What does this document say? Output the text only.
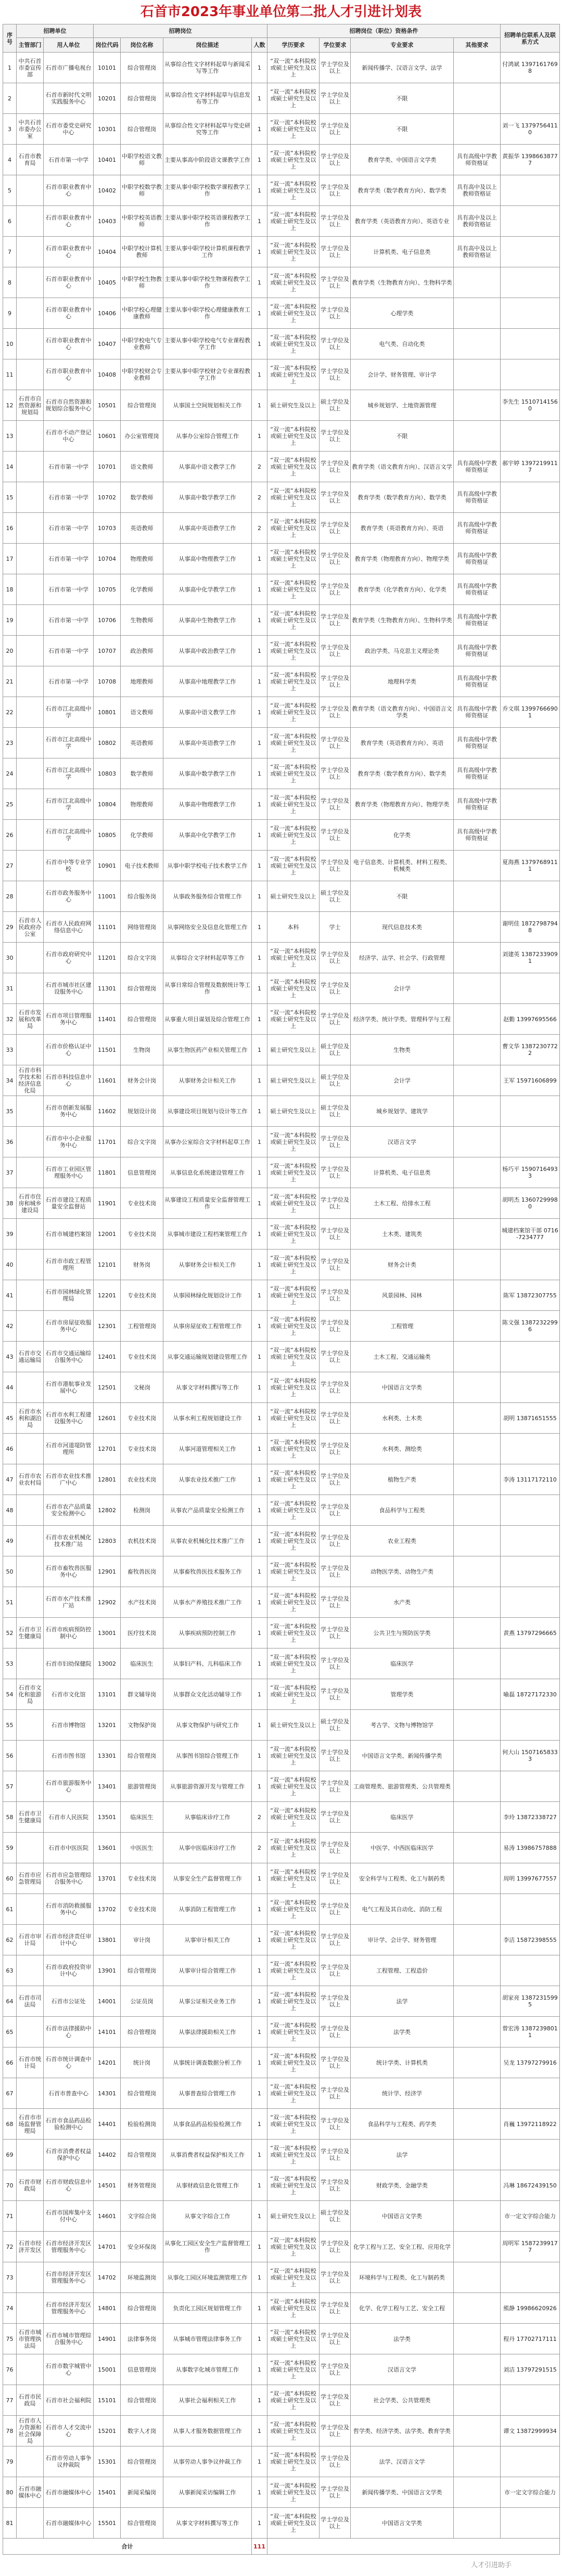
石首市2023年事业单位第二批人才引进计划表
序号	招聘单位		招聘岗位				招聘岗位（职位）资格条件				招聘单位联系人及联系方式
	主管部门	用人单位	岗位代码	岗位名称	岗位描述	人数	学历要求	学位要求	专业要求	其他要求	
1	中共石首市委宣传部	石首市广播电视台	10101	综合管理岗	从事综合性文字材料起草与新闻采写等工作	1	“双一流”本科院校或硕士研究生及以上	学士学位及以上	新闻传播学、汉语言文学、法学		付鸿斌 13971617698
2		石首市新时代文明实践服务中心	10201	综合管理岗	从事综合性文字材料起草与信息发布等工作	1	“双一流”本科院校或硕士研究生及以上	学士学位及以上	不限		
3	中共石首市委办公室	石首市委党史研究中心	10301	综合管理岗	从事综合性文字材料起草与党史研究等工作	1	“双一流”本科院校或硕士研究生及以上	学士学位及以上	不限		刘一飞 13797564110
4	石首市教育局	石首市第一中学	10401	中职学校语文教师	主要从事高中阶段语文课教学工作	1	“双一流”本科院校或硕士研究生及以上	学士学位及以上	教育学类、中国语言文学类	具有高级中学教师资格证	黄振华 13986638777
5		石首市职业教育中心	10402	中职学校数学教师	主要从事中职学校数学课程教学工作	1	“双一流”本科院校或硕士研究生及以上	学士学位及以上	教育学类（数学教育方向）、数学类	具有高中及以上教师资格证	
6		石首市职业教育中心	10403	中职学校英语教师	主要从事中职学校英语课程教学工作	1	“双一流”本科院校或硕士研究生及以上	学士学位及以上	教育学类（英语教育方向）、英语专业	具有高中及以上教师资格证	
7		石首市职业教育中心	10404	中职学校计算机教师	主要从事中职学校计算机课程教学工作	1	“双一流”本科院校或硕士研究生及以上	学士学位及以上	计算机类、电子信息类	具有高中及以上教师资格证	
8		石首市职业教育中心	10405	中职学校生物教师	主要从事中职学校生物课程教学工作	1	“双一流”本科院校或硕士研究生及以上	学士学位及以上	教育学类（生物教育方向）、生物科学类		
9		石首市职业教育中心	10406	中职学校心理健康教师	主要从事中职学校心理健康教育工作	1	“双一流”本科院校或硕士研究生及以上	学士学位及以上	心理学类		
10		石首市职业教育中心	10407	中职学校电气专业教师	主要从事中职学校电气专业课程教学工作	1	“双一流”本科院校或硕士研究生及以上	学士学位及以上	电气类、自动化类		
11		石首市职业教育中心	10408	中职学校财会专业教师	主要从事中职学校财会专业课程教学工作	1	“双一流”本科院校或硕士研究生及以上	学士学位及以上	会计学、财务管理、审计学		
12	石首市自然资源和规划局	石首市自然资源和规划综合服务中心	10501	综合管理岗	从事国土空间规划相关工作	1	硕士研究生及以上	硕士学位及以上	城乡规划学、土地资源管理		李先生 15107141560
13		石首市不动产登记中心	10601	办公室管理岗	从事办公室综合管理工作	1	“双一流”本科院校或硕士研究生及以上	学士学位及以上	不限		
14		石首市第一中学	10701	语文教师	从事高中语文教学工作	2	“双一流”本科院校或硕士研究生及以上	学士学位及以上	教育学类（语文教育方向）、汉语言文学	具有高级中学教师资格证	郝宇婷 13972199117
15		石首市第一中学	10702	数学教师	从事高中数学教学工作	2	“双一流”本科院校或硕士研究生及以上	学士学位及以上	教育学类（数学教育方向）、数学类	具有高级中学教师资格证	
16		石首市第一中学	10703	英语教师	从事高中英语教学工作	2	“双一流”本科院校或硕士研究生及以上	学士学位及以上	教育学类（英语教育方向）、英语	具有高级中学教师资格证	
17		石首市第一中学	10704	物理教师	从事高中物理教学工作	1	“双一流”本科院校或硕士研究生及以上	学士学位及以上	教育学类（物理教育方向）、物理学类	具有高级中学教师资格证	
18		石首市第一中学	10705	化学教师	从事高中化学教学工作	1	“双一流”本科院校或硕士研究生及以上	学士学位及以上	教育学类（化学教育方向）、化学类	具有高级中学教师资格证	
19		石首市第一中学	10706	生物教师	从事高中生物教学工作	1	“双一流”本科院校或硕士研究生及以上	学士学位及以上	教育学类（生物教育方向）、生物科学类	具有高级中学教师资格证	
20		石首市第一中学	10707	政治教师	从事高中政治教学工作	1	“双一流”本科院校或硕士研究生及以上	学士学位及以上	政治学类、马克思主义理论类	具有高级中学教师资格证	
21		石首市第一中学	10708	地理教师	从事高中地理教学工作	1	“双一流”本科院校或硕士研究生及以上	学士学位及以上	地理科学类	具有高级中学教师资格证	
22		石首市江北高级中学	10801	语文教师	从事高中语文教学工作	1	“双一流”本科院校或硕士研究生及以上	学士学位及以上	教育学类（语文教育方向）、中国语言文学类	具有高级中学教师资格证	乔文琪 13997666901
23		石首市江北高级中学	10802	英语教师	从事高中英语教学工作	1	“双一流”本科院校或硕士研究生及以上	学士学位及以上	教育学类（英语教育方向）、英语	具有高级中学教师资格证	
24		石首市江北高级中学	10803	数学教师	从事高中数学教学工作	1	“双一流”本科院校或硕士研究生及以上	学士学位及以上	教育学类（数学教育方向）、数学类	具有高级中学教师资格证	
25		石首市江北高级中学	10804	物理教师	从事高中物理教学工作	1	“双一流”本科院校或硕士研究生及以上	学士学位及以上	教育学类（物理教育方向）、物理学类	具有高级中学教师资格证	
26		石首市江北高级中学	10805	化学教师	从事高中化学教学工作	1	“双一流”本科院校或硕士研究生及以上	学士学位及以上	化学类	具有高级中学教师资格证	
27		石首市中等专业学校	10901	电子技术教师	从事中职学校电子技术教学工作	1	“双一流”本科院校或硕士研究生及以上	学士学位及以上	电子信息类、计算机类、材料工程类、机械类		夏海燕 13797689111
28		石首市政务服务中心	11001	综合服务岗	从事政务服务综合管理工作	1	硕士研究生及以上	硕士学位及以上	不限		
29	石首市人民政府办公室	石首市人民政府网络信息中心	11101	网络管理岗	从事网络安全及信息化管理工作	1	本科	学士	现代信息技术类		谢明佳 18727987948
30		石首市政府研究中心	11201	综合文字岗	从事综合文字材料起草等工作	1	“双一流”本科院校或硕士研究生及以上	学士学位及以上	经济学、法学、社会学、行政管理		刘建英 13872339091
31		石首市城市社区建设服务中心	11301	综合管理岗	从事日常综合管理及数据统计等工作	1	“双一流”本科院校或硕士研究生及以上	学士学位及以上	会计学		
32	石首市发展和改革局	石首市项目管理服务中心	11401	综合管理岗	从事重大项目谋划及综合管理工作	1	“双一流”本科院校或硕士研究生及以上	学士学位及以上	经济学类、统计学类、管理科学与工程		赵勤 13997695566
33		石首市价格认证中心	11501	生物岗	从事生物医药产业相关管理工作	1	硕士研究生及以上	硕士学位及以上	生物类		曹文华 13872307722
34	石首市科学技术和经济信息化局	石首市科技信息中心	11601	财务会计岗	从事财务会计相关工作	1	硕士研究生及以上	硕士学位及以上	会计学		王军 15971606899
35		石首市创新发展服务中心	11602	规划设计岗	从事建设项目规划与设计等工作	1	硕士研究生及以上	硕士学位及以上	城乡规划学、建筑学		
36		石首市中小企业服务中心	11701	综合文字岗	从事办公室综合文字材料起草工作	1	“双一流”本科院校或硕士研究生及以上	学士学位及以上	汉语言文学		
37		石首市工业园区管理服务中心	11801	信息管理岗	从事信息化系统建设管理工作	1	“双一流”本科院校或硕士研究生及以上	学士学位及以上	计算机类、电子信息类		杨巧平 15907164933
38	石首市住房和城乡建设局	石首市建设工程质量安全监督站	11901	专业技术岗	从事建设工程质量安全监督管理工作	1	“双一流”本科院校或硕士研究生及以上	学士学位及以上	土木工程、给排水工程		胡明杰 13607299980
39		石首市城建档案馆	12001	专业技术岗	从事城市建设工程档案管理工作	1	“双一流”本科院校或硕士研究生及以上	学士学位及以上	土木类、建筑类		城建档案馆干部 0716-7234777
40		石首市市政工程管理所	12101	财务岗	从事财务会计相关工作	1	“双一流”本科院校或硕士研究生及以上	学士学位及以上	财务会计类		
41		石首市园林绿化管理局	12201	专业技术岗	从事园林绿化规划设计工作	1	“双一流”本科院校或硕士研究生及以上	学士学位及以上	风景园林、园林		陈军 13872307755
42		石首市房屋征收服务中心	12301	工程管理岗	从事房屋征收工程管理工作	1	“双一流”本科院校或硕士研究生及以上	学士学位及以上	工程管理		陈文强 13872322996
43	石首市交通运输局	石首市交通运输综合服务中心	12401	专业技术岗	从事交通运输规划建设管理工作	1	“双一流”本科院校或硕士研究生及以上	学士学位及以上	土木工程、交通运输类		
44		石首市港航事业发展中心	12501	文秘岗	从事文字材料撰写等工作	1	“双一流”本科院校或硕士研究生及以上	学士学位及以上	中国语言文学类		
45	石首市水利和湖泊局	石首市水利工程建设服务中心	12601	专业技术岗	从事水利工程规划建设工作	1	“双一流”本科院校或硕士研究生及以上	学士学位及以上	水利类、土木类		胡明 13871651555
46		石首市河道堤防管理所	12701	专业技术岗	从事河道管理相关工作	1	“双一流”本科院校或硕士研究生及以上	学士学位及以上	水利类、测绘类		
47	石首市农业农村局	石首市农业技术推广中心	12801	农业技术岗	从事农业技术推广工作	1	“双一流”本科院校或硕士研究生及以上	学士学位及以上	植物生产类		李涛 13117172110
48		石首市农产品质量安全检测中心	12802	检测岗	从事农产品质量安全检测工作	1	“双一流”本科院校或硕士研究生及以上	学士学位及以上	食品科学与工程类		
49		石首市农业机械化技术推广站	12803	农机技术岗	从事农业机械化技术推广工作	1	“双一流”本科院校或硕士研究生及以上	学士学位及以上	农业工程类		
50		石首市畜牧兽医服务中心	12901	畜牧兽医岗	从事畜牧兽医技术服务工作	1	“双一流”本科院校或硕士研究生及以上	学士学位及以上	动物医学类、动物生产类		
51		石首市水产技术推广站	12902	水产技术岗	从事水产养殖技术推广工作	1	“双一流”本科院校或硕士研究生及以上	学士学位及以上	水产类		
52	石首市卫生健康局	石首市疾病预防控制中心	13001	医疗技术岗	从事疾病预防控制工作	1	“双一流”本科院校或硕士研究生及以上	学士学位及以上	公共卫生与预防医学类		黄燕 13797296665
53		石首市妇幼保健院	13002	临床医生	从事妇产科、儿科临床工作	1	“双一流”本科院校或硕士研究生及以上	学士学位及以上	临床医学		
54	石首市文化和旅游局	石首市文化馆	13101	群文辅导岗	从事群众文化活动辅导工作	1	“双一流”本科院校或硕士研究生及以上	学士学位及以上	管理学类		喻磊 18727172330
55		石首市博物馆	13201	文物保护岗	从事文物保护与研究工作	1	硕士研究生及以上	硕士学位及以上	考古学、文物与博物馆学		
56		石首市图书馆	13301	综合管理岗	从事图书馆综合管理工作	1	“双一流”本科院校或硕士研究生及以上	学士学位及以上	中国语言文学类、新闻传播学类		何大山 15071658333
57		石首市旅游服务中心	13401	旅游管理岗	从事旅游资源开发与管理工作	1	“双一流”本科院校或硕士研究生及以上	学士学位及以上	工商管理类、旅游管理类、公共管理类		
58	石首市卫生健康局	石首市人民医院	13501	临床医生	从事临床诊疗工作	2	“双一流”本科院校或硕士研究生及以上	学士学位及以上	临床医学		李玲 13872338727
59		石首市中医医院	13601	中医医生	从事中医临床诊疗工作	2	“双一流”本科院校或硕士研究生及以上	学士学位及以上	中医学、中西医临床医学		易涛 13986757888
60	石首市应急管理局	石首市应急管理综合服务中心	13701	专业技术岗	从事安全生产监督管理工作	1	“双一流”本科院校或硕士研究生及以上	学士学位及以上	安全科学与工程类、化工与制药类		周明 13997677557
61		石首市消防救援服务中心	13702	专业技术岗	从事消防工程管理工作	1	“双一流”本科院校或硕士研究生及以上	学士学位及以上	电气工程及其自动化、消防工程		
62	石首市审计局	石首市经济责任审计中心	13801	审计岗	从事审计相关工作	1	“双一流”本科院校或硕士研究生及以上	学士学位及以上	审计学、会计学、财务管理		李洁 15872398555
63		石首市政府投资审计中心	13901	综合管理岗	从事审计综合管理工作	1	“双一流”本科院校或硕士研究生及以上	学士学位及以上	工程管理、工程造价		
64	石首市司法局	石首市公证处	14001	公证员岗	从事公证相关业务工作	1	“双一流”本科院校或硕士研究生及以上	学士学位及以上	法学		胡家亮 13872315995
65		石首市法律援助中心	14101	综合管理岗	从事法律援助相关工作	1	“双一流”本科院校或硕士研究生及以上	学士学位及以上	法学类		曾宏涛 13872398011
66	石首市统计局	石首市统计调查中心	14201	统计岗	从事统计调查数据分析工作	1	“双一流”本科院校或硕士研究生及以上	学士学位及以上	统计学类、计算机类		吴龙 13797279916
67		石首市普查中心	14301	综合管理岗	从事普查综合管理工作	1	“双一流”本科院校或硕士研究生及以上	学士学位及以上	统计学、经济学		
68	石首市市场监督管理局	石首市食品药品检验检测中心	14401	检验检测岗	从事食品药品检验检测工作	1	“双一流”本科院校或硕士研究生及以上	学士学位及以上	食品科学与工程类、药学类		肖巍 13972118922
69		石首市消费者权益保护中心	14402	综合管理岗	从事消费者权益保护相关工作	1	“双一流”本科院校或硕士研究生及以上	学士学位及以上	法学		
70	石首市财政局	石首市财政信息中心	14501	财务管理岗	从事财政信息化管理工作	1	“双一流”本科院校或硕士研究生及以上	学士学位及以上	财政学类、金融学类		冯琳 18672439150
71		石首市国库集中支付中心	14601	文字综合岗	从事文字综合工作	1	硕士研究生及以上	硕士学位及以上	中国语言文学类		市一定文字综合能力
72	石首市经济开发区	石首市经济开发区管理服务中心	14701	安全环保岗	从事化工园区安全生产监督管理工作	1	“双一流”本科院校或硕士研究生及以上	学士学位及以上	化学工程与工艺、安全工程、应用化学		周明军 15872399177
73		石首市经济开发区管理服务中心	14702	环境监测岗	从事化工园区环境监测管理工作	1	“双一流”本科院校或硕士研究生及以上	学士学位及以上	环境科学与工程类、化工与制药类		
74		石首市经济开发区管理服务中心	14801	综合管理岗	负责化工园区规划管理工作	1	“双一流”本科院校或硕士研究生及以上	学士学位及以上	化学、化学工程与工艺、安全工程		熊静 19986620926
75	石首市城市管理执法局	石首市城市管理综合服务中心	14901	法律事务岗	从事城市管理法律事务工作	1	“双一流”本科院校或硕士研究生及以上	学士学位及以上	法学类		程丹 17702717111
76		石首市数字城管中心	15001	信息管理岗	从事数字化城市管理工作	1	“双一流”本科院校或硕士研究生及以上	学士学位及以上	汉语言文学		刘洁 13797291515
77	石首市民政局	石首市社会福利院	15101	综合管理岗	从事社会福利相关工作	1	“双一流”本科院校或硕士研究生及以上	学士学位及以上	社会学类、公共管理类		
78	石首市人力资源和社会保障局	石首市人才交流中心	15201	数字人才岗	从事人才服务数据管理工作	1	“双一流”本科院校或硕士研究生及以上	学士学位及以上	哲学类、经济学类、法学类、教育学类		谭文 13872999934
79		石首市劳动人事争议仲裁院	15301	综合管理岗	从事劳动人事争议仲裁工作	1	“双一流”本科院校或硕士研究生及以上	学士学位及以上	法学、汉语言文学		
80	石首市融媒体中心	石首市融媒体中心	15401	新闻采编岗	从事新闻采访编辑工作	1	“双一流”本科院校或硕士研究生及以上	学士学位及以上	新闻传播学类、中国语言文学类		市一定文字综合能力
81		石首市融媒体中心	15501	综合管理岗	从事文字材料撰写等工作	1	“双一流”本科院校或硕士研究生及以上	学士学位及以上	中国语言文学类		
合计						111					
人才引进助手
